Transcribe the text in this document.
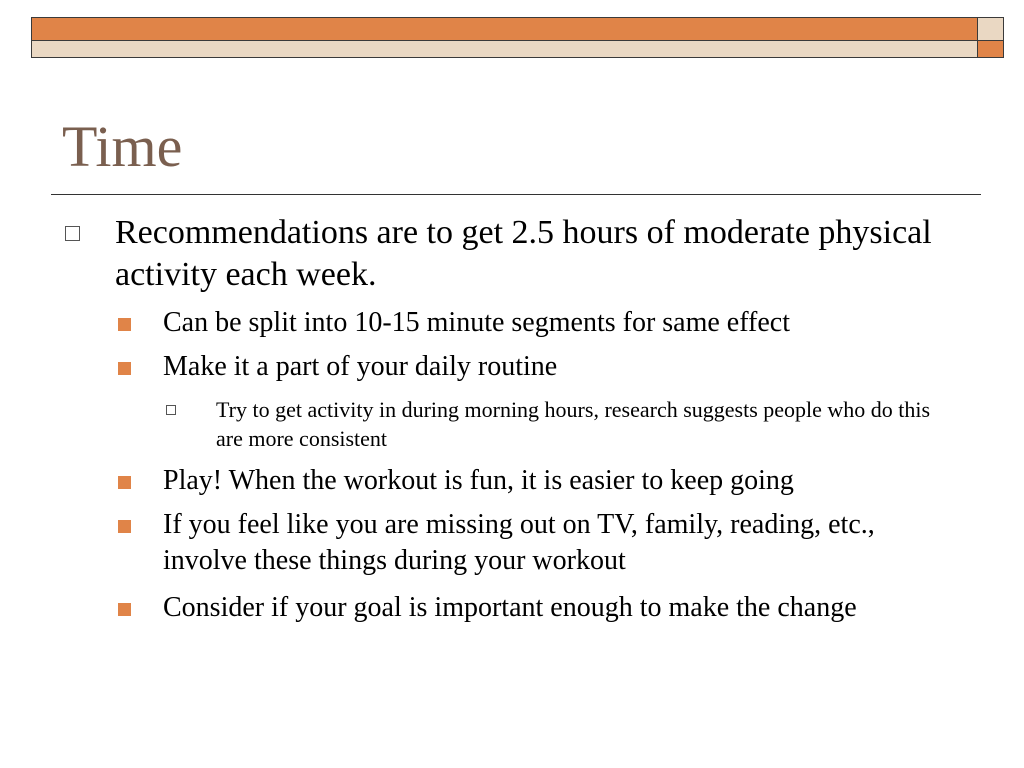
Time
Recommendations are to get 2.5 hours of moderate physical activity each week.
Can be split into 10-15 minute segments for same effect
Make it a part of your daily routine
Try to get activity in during morning hours, research suggests people who do this are more consistent
Play! When the workout is fun, it is easier to keep going
If you feel like you are missing out on TV, family, reading, etc., involve these things during your workout
Consider if your goal is important enough to make the change
